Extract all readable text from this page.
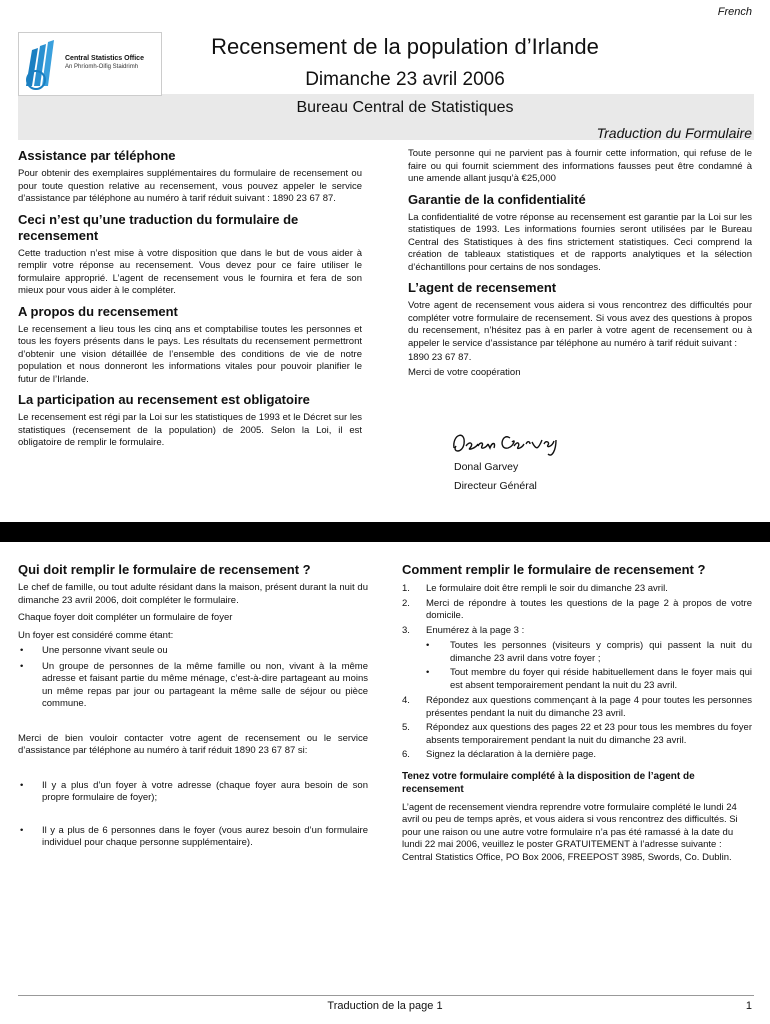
French
Central Statistics Office
An Phríomh-Oifig Staidrimh
Recensement de la population d’Irlande
Dimanche 23 avril 2006
Bureau Central de Statistiques
Traduction du Formulaire
Assistance par téléphone

Pour obtenir des exemplaires supplémentaires du formulaire de recensement ou pour toute question relative au recensement, vous pouvez appeler le service d’assistance par téléphone au numéro à tarif réduit suivant : 1890 23 67 87.

Ceci n’est qu’une traduction du formulaire de recensement

Cette traduction n’est mise à votre disposition que dans le but de vous aider à remplir votre réponse au recensement. Vous devez pour ce faire utiliser le formulaire approprié. L’agent de recensement vous le fournira et fera de son mieux pour vous aider à le compléter.

A propos du recensement

Le recensement a lieu tous les cinq ans et comptabilise toutes les personnes et tous les foyers présents dans le pays. Les résultats du recensement permettront d’obtenir une vision détaillée de l’ensemble des conditions de vie de notre population et nous donneront les informations vitales pour pouvoir planifier le futur de l’Irlande.

La participation au recensement est obligatoire

Le recensement est régi par la Loi sur les statistiques de 1993 et le Décret sur les statistiques (recensement de la population) de 2005. Selon la Loi, il est obligatoire de remplir le formulaire.

Toute personne qui ne parvient pas à fournir cette information, qui refuse de le faire ou qui fournit sciemment des informations fausses peut être condamné à une amende allant jusqu’à €25,000

Garantie de la confidentialité

La confidentialité de votre réponse au recensement est garantie par la Loi sur les statistiques de 1993. Les informations fournies seront utilisées par le Bureau Central des Statistiques à des fins strictement statistiques. Ceci comprend la création de tableaux statistiques et de rapports analytiques et la sélection d’échantillons pour certains de nos sondages.

L’agent de recensement

Votre agent de recensement vous aidera si vous rencontrez des difficultés pour compléter votre formulaire de recensement. Si vous avez des questions à propos du recensement, n’hésitez pas à en parler à votre agent de recensement ou à appeler le service d’assistance par téléphone au numéro à tarif réduit suivant :

1890 23 67 87.

Merci de votre coopération

Donal Garvey
Directeur Général
Qui doit remplir le formulaire de recensement ?

Le chef de famille, ou tout adulte résidant dans la maison, présent durant la nuit du dimanche 23 avril 2006, doit compléter le formulaire.

Chaque foyer doit compléter un formulaire de foyer

Un foyer est considéré comme étant:

• Une personne vivant seule ou
• Un groupe de personnes de la même famille ou non, vivant à la même adresse et faisant partie du même ménage, c’est-à-dire partageant au moins un même repas par jour ou partageant la même salle de séjour ou pièce commune.

Merci de bien vouloir contacter votre agent de recensement ou le service d’assistance par téléphone au numéro à tarif réduit 1890 23 67 87 si:

• Il y a plus d’un foyer à votre adresse (chaque foyer aura besoin de son propre formulaire de foyer);
• Il y a plus de 6 personnes dans le foyer (vous aurez besoin d’un formulaire individuel pour chaque personne supplémentaire).
Comment remplir le formulaire de recensement ?
1. Le formulaire doit être rempli le soir du dimanche 23 avril.
2. Merci de répondre à toutes les questions de la page 2 à propos de votre domicile.
3. Enumérez à la page 3 :
• Toutes les personnes (visiteurs y compris) qui passent la nuit du dimanche 23 avril dans votre foyer ;
• Tout membre du foyer qui réside habituellement dans le foyer mais qui est absent temporairement pendant la nuit du 23 avril.
4. Répondez aux questions commençant à la page 4 pour toutes les personnes présentes pendant la nuit du dimanche 23 avril.
5. Répondez aux questions des pages 22 et 23 pour tous les membres du foyer absents temporairement pendant la nuit du dimanche 23 avril.
6. Signez la déclaration à la dernière page.
Tenez votre formulaire complété à la disposition de l’agent de recensement

L’agent de recensement viendra reprendre votre formulaire complété le lundi 24 avril ou peu de temps après, et vous aidera si vous rencontrez des difficultés. Si pour une raison ou une autre votre formulaire n’a pas été ramassé à la date du lundi 22 mai 2006, veuillez le poster GRATUITEMENT à l’adresse suivante : Central Statistics Office, PO Box 2006, FREEPOST 3985, Swords, Co. Dublin.

Traduction de la page 1	1
